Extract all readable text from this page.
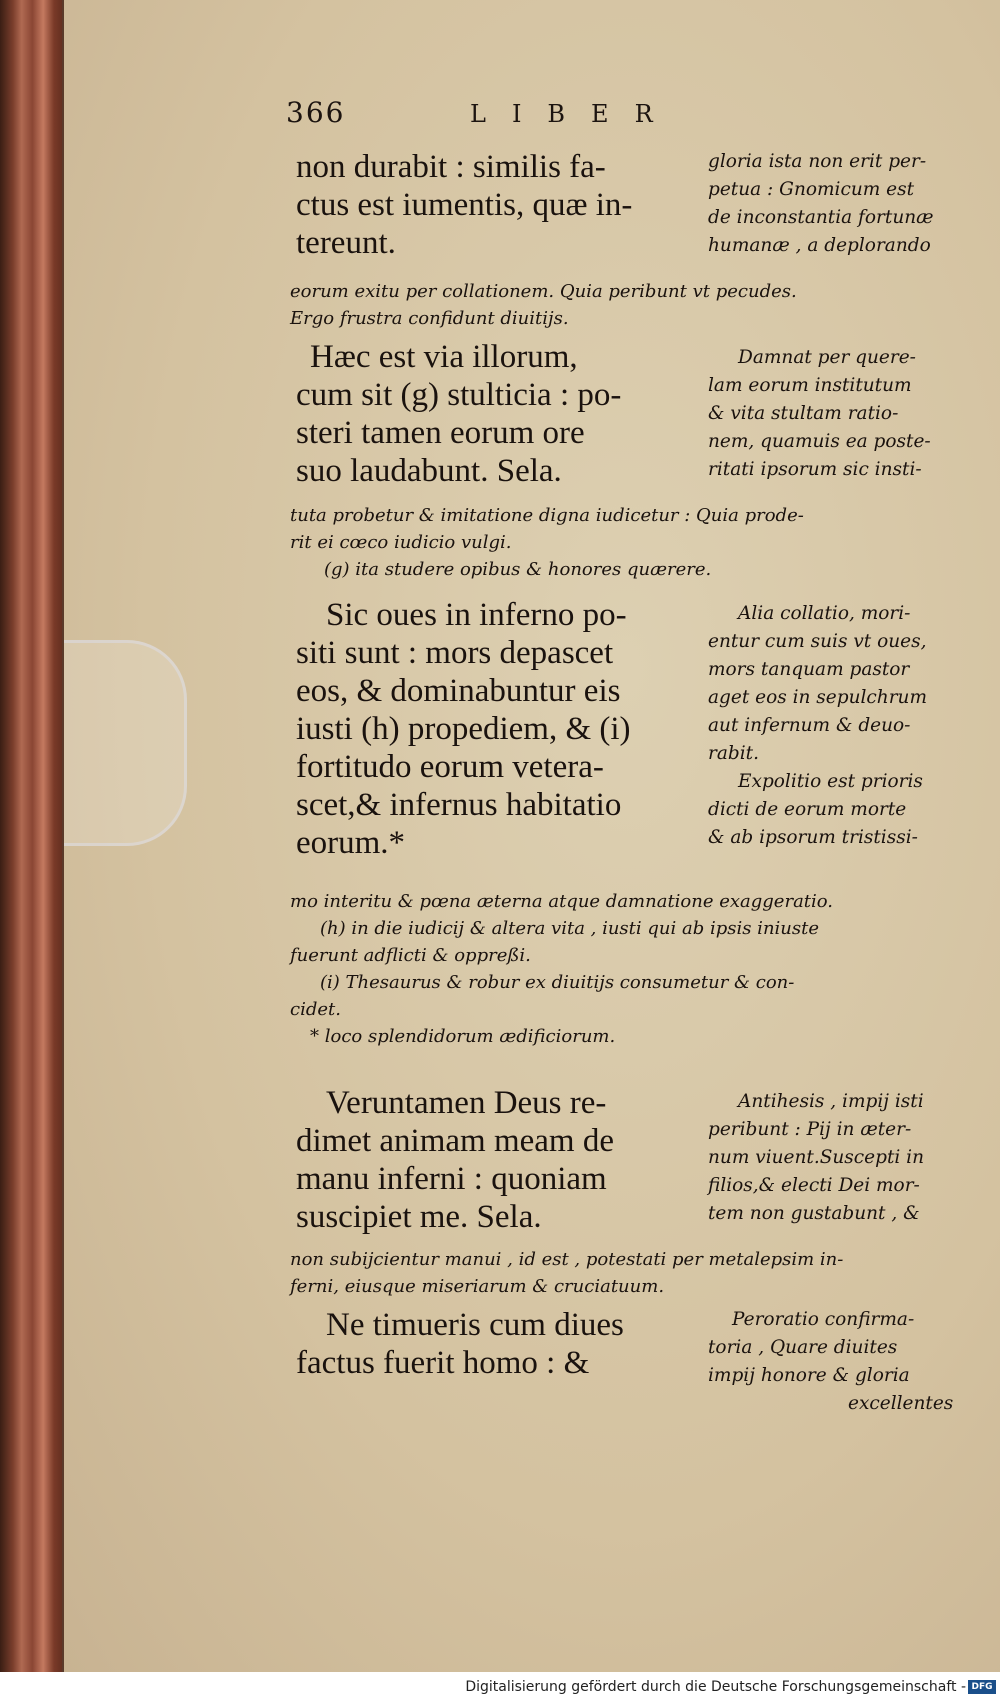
366	LIBER
non durabit : similis fa-
ctus est iumentis, quæ in-
tereunt.
gloria ista non erit per-
petua : Gnomicum est
de inconstantia fortunæ
humanæ , a deplorando
eorum exitu per collationem. Quia peribunt vt pecudes.
Ergo frustra confidunt diuitijs.
Hæc est via illorum,
cum sit (g) stulticia : po-
steri tamen eorum ore
suo laudabunt. Sela.
Damnat per quere-
lam eorum institutum
& vita stultam ratio-
nem, quamuis ea poste-
ritati ipsorum sic insti-
tuta probetur & imitatione digna iudicetur : Quia prode-
rit ei cœco iudicio vulgi.
(g) ita studere opibus & honores quærere.
Sic oues in inferno po-
siti sunt : mors depascet
eos, & dominabuntur eis
iusti (h) propediem, & (i)
fortitudo eorum vetera-
scet,& infernus habitatio
eorum.*
Alia collatio, mori-
entur cum suis vt oues,
mors tanquam pastor
aget eos in sepulchrum
aut infernum & deuo-
rabit.
Expolitio est prioris
dicti de eorum morte
& ab ipsorum tristissi-
mo interitu & pœna æterna atque damnatione exaggeratio.
(h) in die iudicij & altera vita , iusti qui ab ipsis iniuste
fuerunt adflicti & oppreßi.
(i) Thesaurus & robur ex diuitijs consumetur & con-
cidet.
* loco splendidorum ædificiorum.
Veruntamen Deus re-
dimet animam meam de
manu inferni : quoniam
suscipiet me. Sela.
Antihesis , impij isti
peribunt : Pij in æter-
num viuent.Suscepti in
filios,& electi Dei mor-
tem non gustabunt , &
non subijcientur manui , id est , potestati per metalepsim in-
ferni, eiusque miseriarum & cruciatuum.
Ne timueris cum diues
factus fuerit homo : &
Peroratio confirma-
toria , Quare diuites
impij honore & gloria
excellentes
Digitalisierung gefördert durch die Deutsche Forschungsgemeinschaft - DFG
